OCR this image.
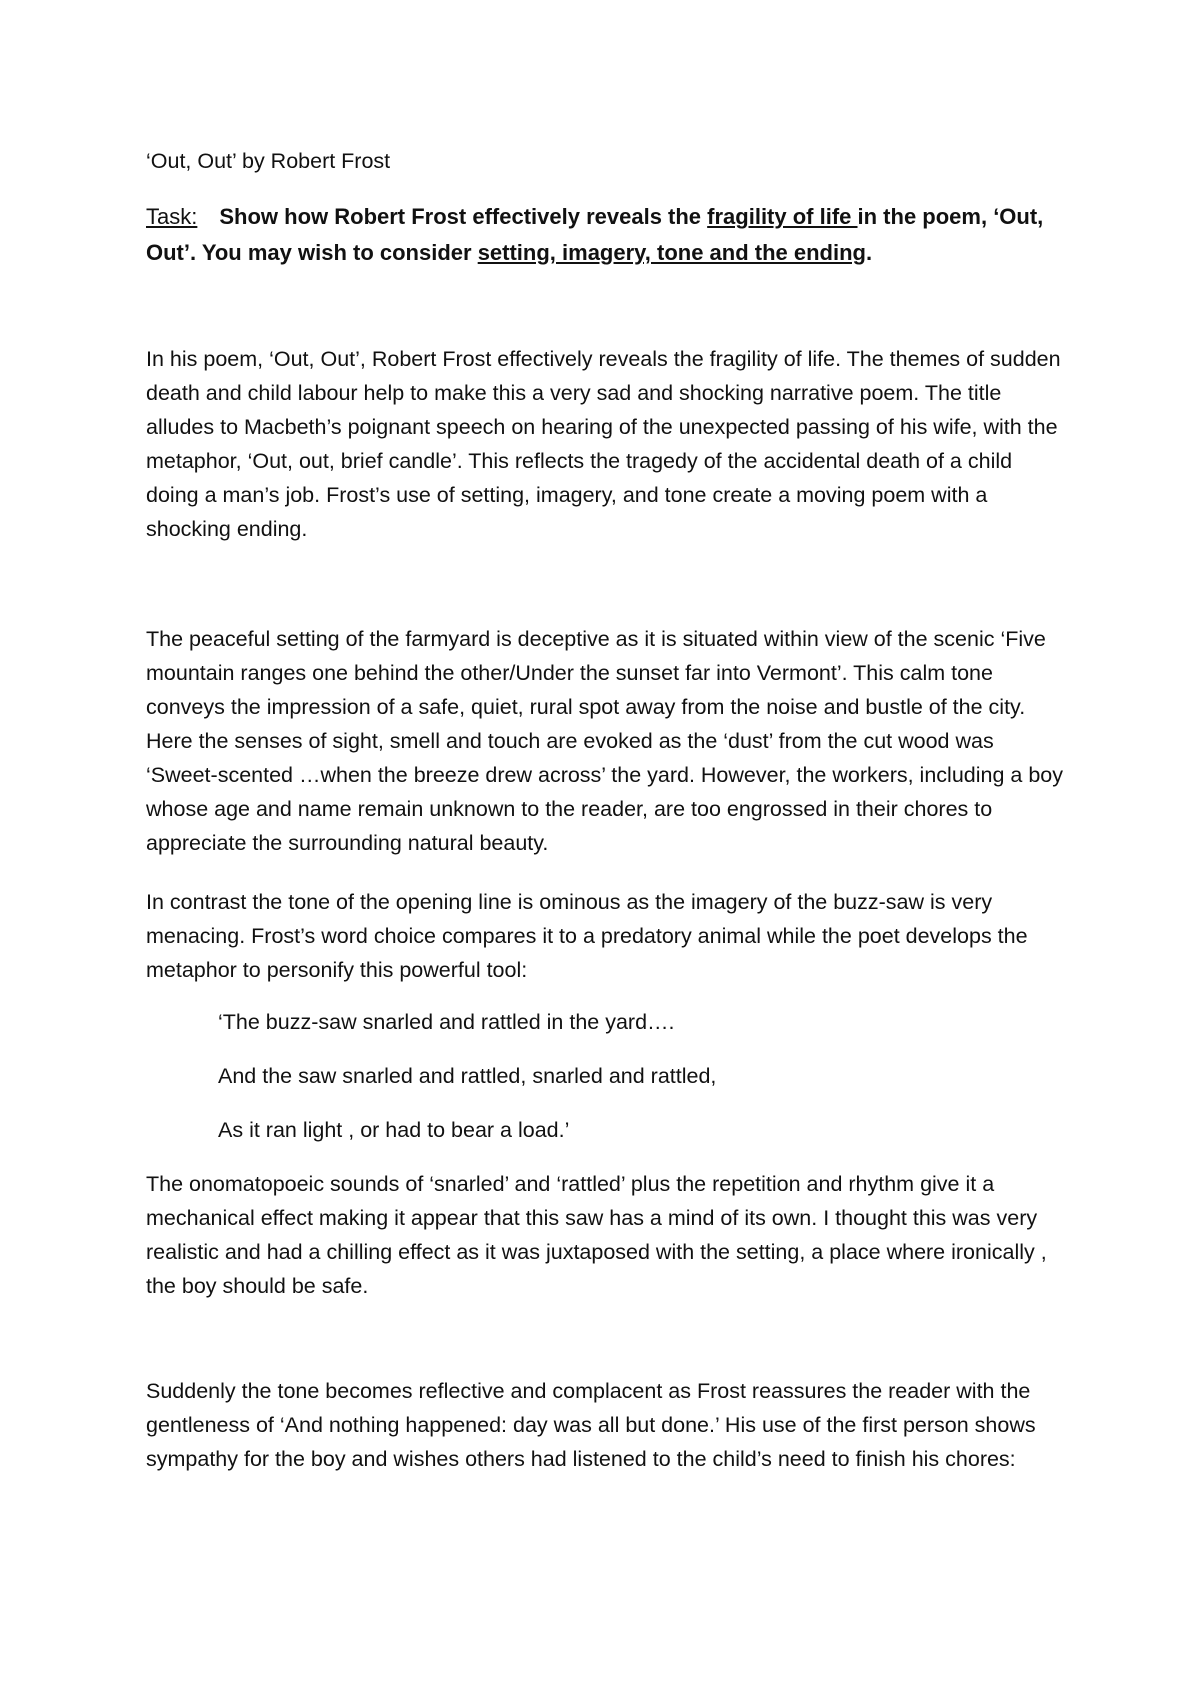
‘Out, Out’ by Robert Frost

Task: Show how Robert Frost effectively reveals the fragility of life in the poem, ‘Out, Out’. You may wish to consider setting, imagery, tone and the ending.

In his poem, ‘Out, Out’, Robert Frost effectively reveals the fragility of life. The themes of sudden death and child labour help to make this a very sad and shocking narrative poem. The title alludes to Macbeth’s poignant speech on hearing of the unexpected passing of his wife, with the metaphor, ‘Out, out, brief candle’. This reflects the tragedy of the accidental death of a child doing a man’s job. Frost’s use of setting, imagery, and tone create a moving poem with a shocking ending.

The peaceful setting of the farmyard is deceptive as it is situated within view of the scenic ‘Five mountain ranges one behind the other/Under the sunset far into Vermont’. This calm tone conveys the impression of a safe, quiet, rural spot away from the noise and bustle of the city. Here the senses of sight, smell and touch are evoked as the ‘dust’ from the cut wood was ‘Sweet-scented …when the breeze drew across’ the yard. However, the workers, including a boy whose age and name remain unknown to the reader, are too engrossed in their chores to appreciate the surrounding natural beauty.

In contrast the tone of the opening line is ominous as the imagery of the buzz-saw is very menacing. Frost’s word choice compares it to a predatory animal while the poet develops the metaphor to personify this powerful tool:

‘The buzz-saw snarled and rattled in the yard….

And the saw snarled and rattled, snarled and rattled,

As it ran light , or had to bear a load.’

The onomatopoeic sounds of ‘snarled’ and ‘rattled’ plus the repetition and rhythm give it a mechanical effect making it appear that this saw has a mind of its own. I thought this was very realistic and had a chilling effect as it was juxtaposed with the setting, a place where ironically , the boy should be safe.

Suddenly the tone becomes reflective and complacent as Frost reassures the reader with the gentleness of ‘And nothing happened: day was all but done.’ His use of the first person shows sympathy for the boy and wishes others had listened to the child’s need to finish his chores:
